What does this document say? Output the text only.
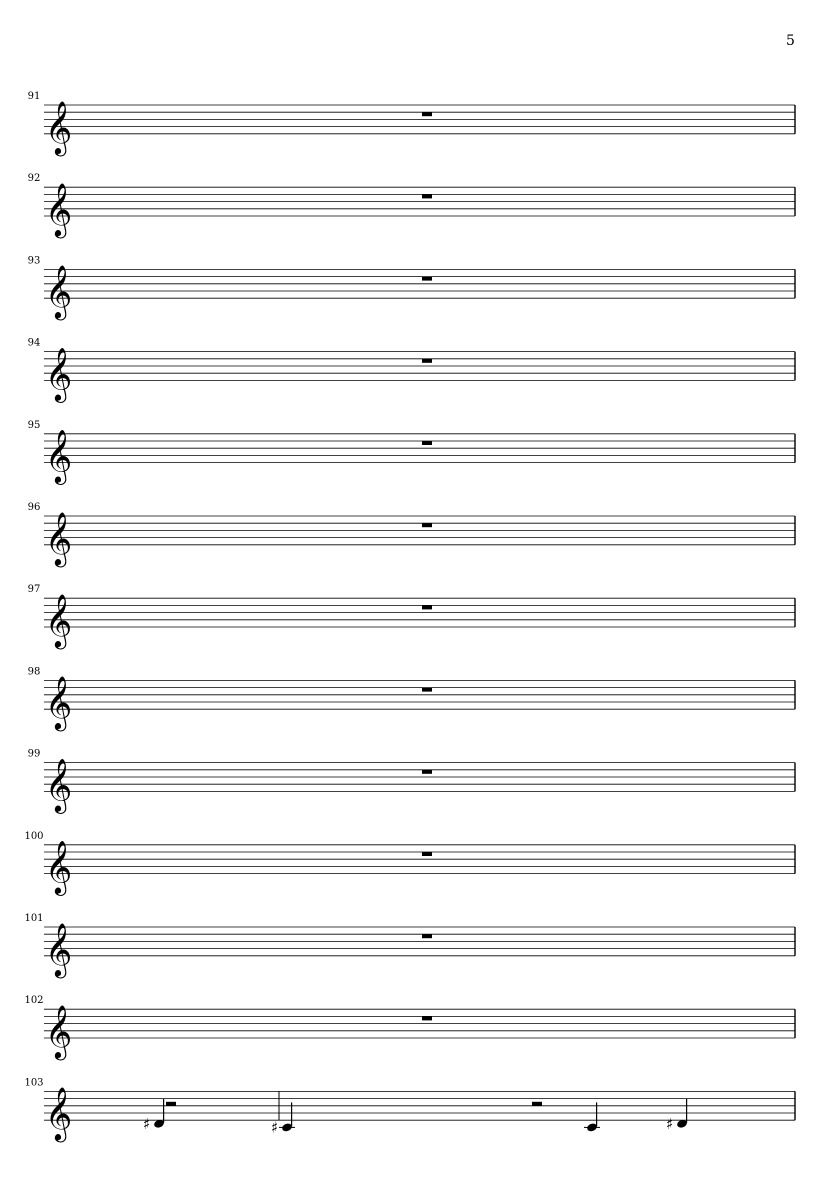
5
91
𝄞
92
𝄞
93
𝄞
94
𝄞
95
𝄞
96
𝄞
97
𝄞
98
𝄞
99
𝄞
100
𝄞
101
𝄞
102
𝄞
103
𝄞	♯	♯	♯
